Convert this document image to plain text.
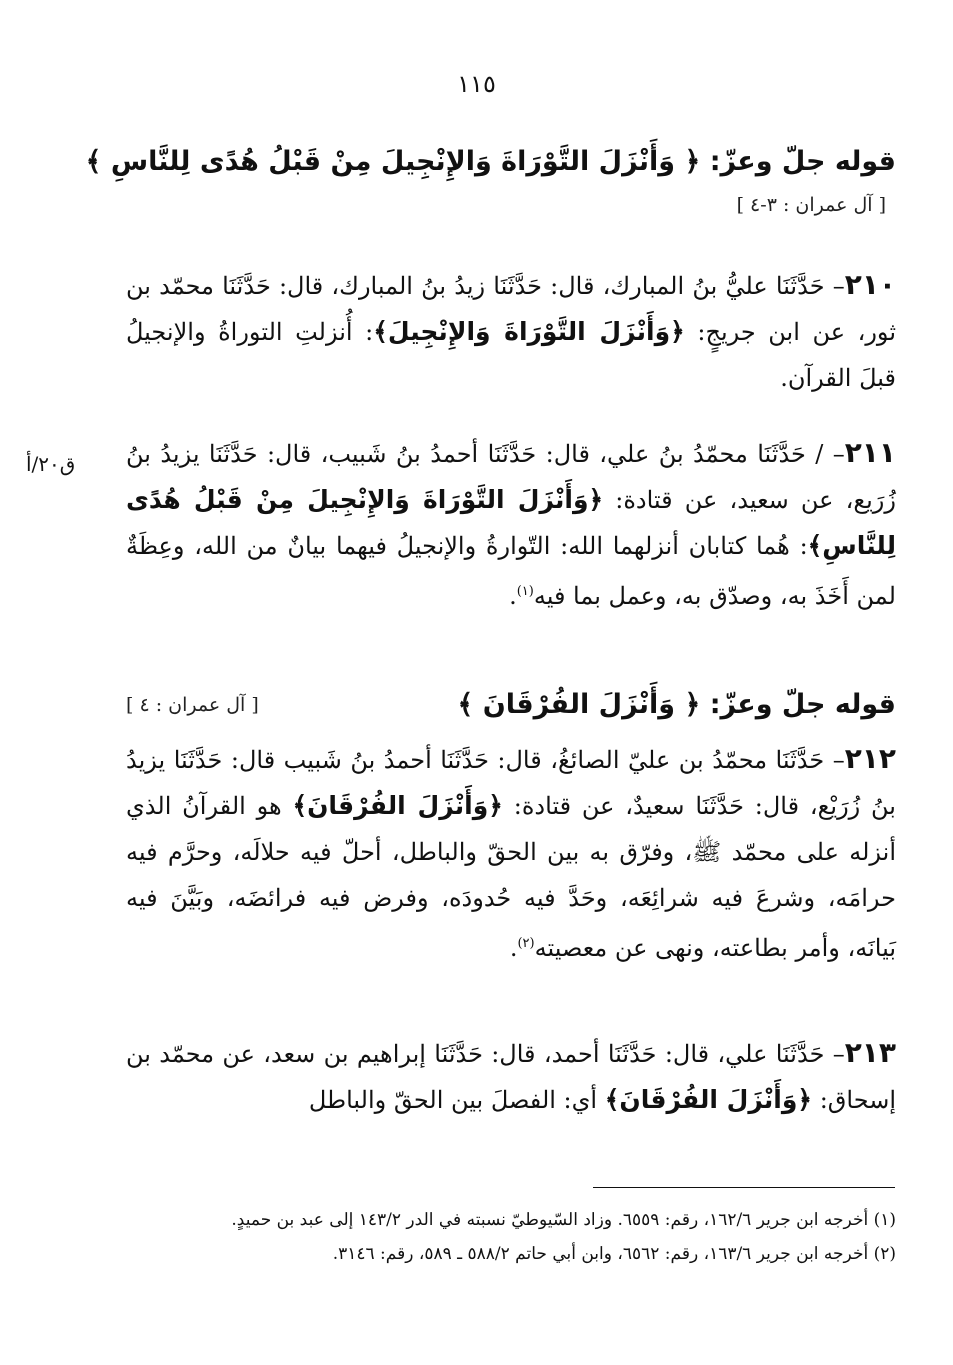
١١٥
ق٢٠/أ
قوله جلّ وعزّ: ﴿ وَأَنْزَلَ التَّوْرَاةَ وَالإِنْجِيلَ مِنْ قَبْلُ هُدًى لِلنَّاسِ ﴾
[ آل عمران : ٣-٤ ]

٢١٠– حَدَّثَنَا عليُّ بنُ المبارك، قال: حَدَّثَنَا زيدُ بنُ المبارك، قال: حَدَّثَنَا محمّد بن ثور، عن ابن جريجٍ: ﴿وَأَنْزَلَ التَّوْرَاةَ وَالإِنْجِيلَ﴾: أُنزلتِ التوراةُ والإنجيلُ قبلَ القرآن.

٢١١– / حَدَّثَنَا محمّدُ بنُ علي، قال: حَدَّثَنَا أحمدُ بنُ شَبيب، قال: حَدَّثَنَا يزيدُ بنُ زُرَيع، عن سعيد، عن قتادة: ﴿وَأَنْزَلَ التَّوْرَاةَ وَالإِنْجِيلَ مِنْ قَبْلُ هُدًى لِلنَّاسِ﴾: هُما كتابان أنزلهما الله: التّوارةُ والإنجيلُ فيهما بيانٌ من الله، وعِظَةٌ لمن أَخَذَ به، وصدّق به، وعمل بما فيه$^{(١)}$.

قوله جلّ وعزّ: ﴿ وَأَنْزَلَ الفُرْقَانَ ﴾
[ آل عمران : ٤ ]

٢١٢– حَدَّثَنَا محمّدُ بن عليّ الصائغُ، قال: حَدَّثَنَا أحمدُ بنُ شَبيب قال: حَدَّثَنَا يزيدُ بنُ زُرَيْع، قال: حَدَّثَنَا سعيدٌ، عن قتادة: ﴿وَأَنْزَلَ الفُرْقَانَ﴾ هو القرآنُ الذي أنزله على محمّد ﷺ، وفرّق به بين الحقّ والباطل، أحلّ فيه حلالَه، وحرَّم فيه حرامَه، وشرعَ فيه شرائِعَه، وحَدَّ فيه حُدودَه، وفرض فيه فرائضَه، وبَيَّنَ فيه بَيانَه، وأمر بطاعته، ونهى عن معصيته$^{(٢)}$.

٢١٣– حَدَّثَنَا علي، قال: حَدَّثَنَا أحمد، قال: حَدَّثَنَا إبراهيم بن سعد، عن محمّد بن إسحاق: ﴿وَأَنْزَلَ الفُرْقَانَ﴾ أي: الفصلَ بين الحقّ والباطل

(١) أخرجه ابن جرير ١٦٢/٦، رقم: ٦٥٥٩. وزاد السّيوطيّ نسبته في الدر ١٤٣/٢ إلى عبد بن حميدٍ.
(٢) أخرجه ابن جرير ١٦٣/٦، رقم: ٦٥٦٢، وابن أبي حاتم ٥٨٨/٢ ـ ٥٨٩، رقم: ٣١٤٦.
